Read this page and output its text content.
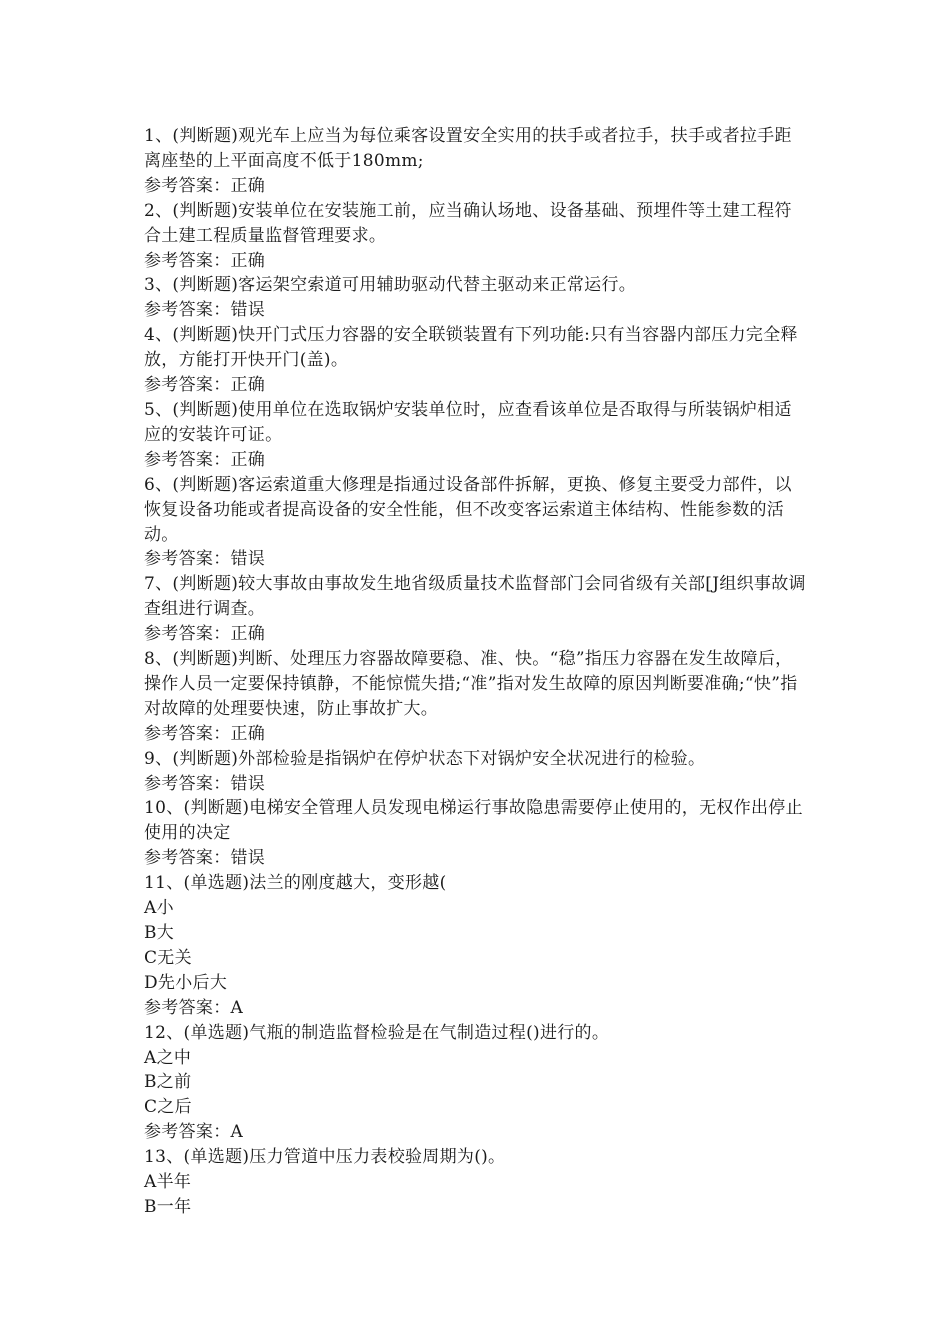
1、(判断题)观光车上应当为每位乘客设置安全实用的扶手或者拉手，扶手或者拉手距离座垫的上平面高度不低于180mm;
参考答案：正确
2、(判断题)安装单位在安装施工前，应当确认场地、设备基础、预埋件等土建工程符合土建工程质量监督管理要求。
参考答案：正确
3、(判断题)客运架空索道可用辅助驱动代替主驱动来正常运行。
参考答案：错误
4、(判断题)快开门式压力容器的安全联锁装置有下列功能:只有当容器内部压力完全释放，方能打开快开门(盖)。
参考答案：正确
5、(判断题)使用单位在选取锅炉安装单位时，应查看该单位是否取得与所装锅炉相适应的安装许可证。
参考答案：正确
6、(判断题)客运索道重大修理是指通过设备部件拆解，更换、修复主要受力部件，以恢复设备功能或者提高设备的安全性能，但不改变客运索道主体结构、性能参数的活动。
参考答案：错误
7、(判断题)较大事故由事故发生地省级质量技术监督部门会同省级有关部[J组织事故调查组进行调查。
参考答案：正确
8、(判断题)判断、处理压力容器故障要稳、准、快。“稳”指压力容器在发生故障后，操作人员一定要保持镇静，不能惊慌失措;“准”指对发生故障的原因判断要准确;“快”指对故障的处理要快速，防止事故扩大。
参考答案：正确
9、(判断题)外部检验是指锅炉在停炉状态下对锅炉安全状况进行的检验。
参考答案：错误
10、(判断题)电梯安全管理人员发现电梯运行事故隐患需要停止使用的，无权作出停止使用的决定
参考答案：错误
11、(单选题)法兰的刚度越大，变形越(
A小
B大
C无关
D先小后大
参考答案：A
12、(单选题)气瓶的制造监督检验是在气制造过程()进行的。
A之中
B之前
C之后
参考答案：A
13、(单选题)压力管道中压力表校验周期为()。
A半年
B一年
